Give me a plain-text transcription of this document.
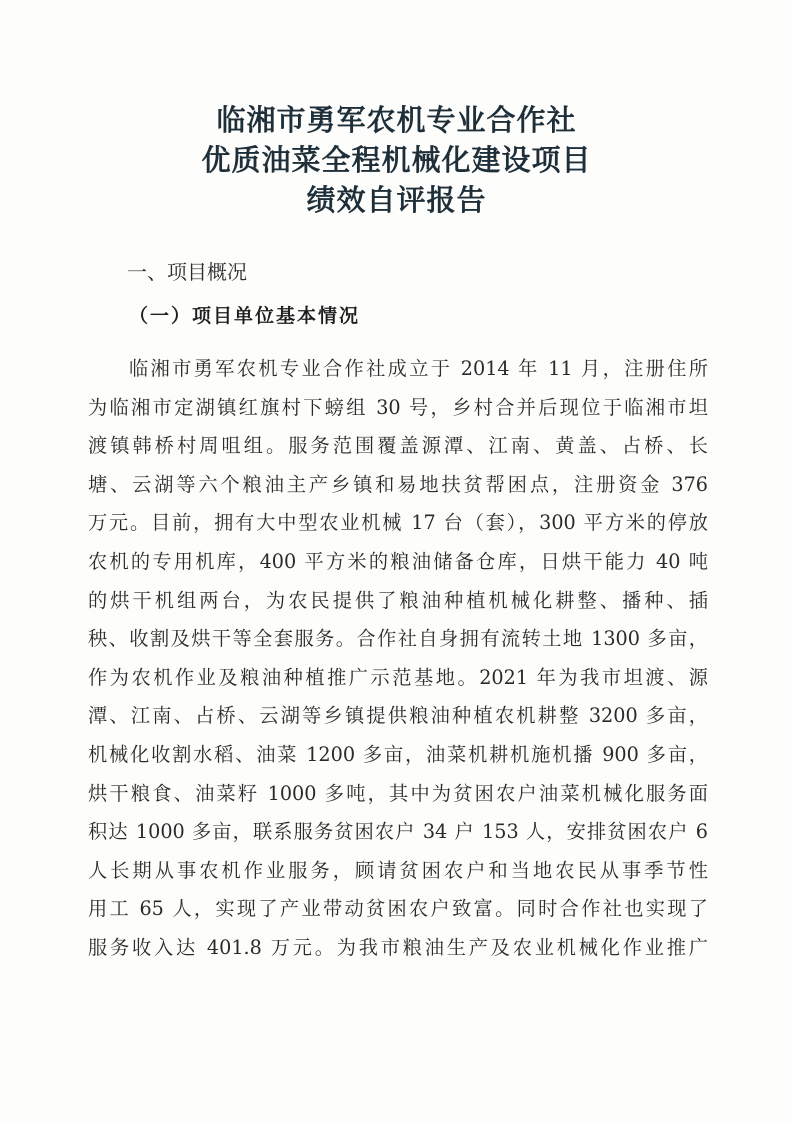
临湘市勇军农机专业合作社
优质油菜全程机械化建设项目
绩效自评报告
一、项目概况
（一）项目单位基本情况
临湘市勇军农机专业合作社成立于 2014 年 11 月，注册住所
为临湘市定湖镇红旗村下螃组 30 号，乡村合并后现位于临湘市坦
渡镇韩桥村周咀组。服务范围覆盖源潭、江南、黄盖、占桥、长
塘、云湖等六个粮油主产乡镇和易地扶贫帮困点，注册资金 376
万元。目前，拥有大中型农业机械 17 台（套），300 平方米的停放
农机的专用机库，400 平方米的粮油储备仓库，日烘干能力 40 吨
的烘干机组两台，为农民提供了粮油种植机械化耕整、播种、插
秧、收割及烘干等全套服务。合作社自身拥有流转土地 1300 多亩，
作为农机作业及粮油种植推广示范基地。2021 年为我市坦渡、源
潭、江南、占桥、云湖等乡镇提供粮油种植农机耕整 3200 多亩，
机械化收割水稻、油菜 1200 多亩，油菜机耕机施机播 900 多亩，
烘干粮食、油菜籽 1000 多吨，其中为贫困农户油菜机械化服务面
积达 1000 多亩，联系服务贫困农户 34 户 153 人，安排贫困农户 6
人长期从事农机作业服务，顾请贫困农户和当地农民从事季节性
用工 65 人，实现了产业带动贫困农户致富。同时合作社也实现了
服务收入达 401.8 万元。为我市粮油生产及农业机械化作业推广
